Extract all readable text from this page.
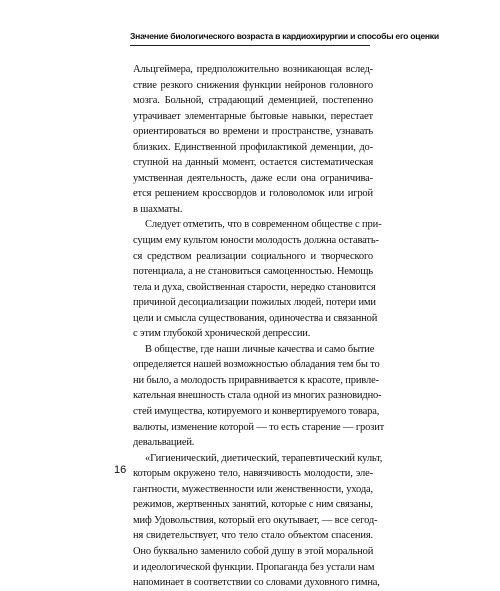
Значение биологического возраста в кардиохирургии и способы его оценки
Альцгеймера, предположительно возникающая вслед-
ствие резкого снижения функции нейронов головного
мозга. Больной, страдающий деменцией, постепенно
утрачивает элементарные бытовые навыки, перестает
ориентироваться во времени и пространстве, узнавать
близких. Единственной профилактикой деменции, до-
ступной на данный момент, остается систематическая
умственная деятельность, даже если она ограничива-
ется решением кроссвордов и головоломок или игрой
в шахматы.
Следует отметить, что в современном обществе с при-
сущим ему культом юности молодость должна оставать-
ся средством реализации социального и творческого
потенциала, а не становиться самоценностью. Немощь
тела и духа, свойственная старости, нередко становится
причиной десоциализации пожилых людей, потери ими
цели и смысла существования, одиночества и связанной
с этим глубокой хронической депрессии.
В обществе, где наши личные качества и само бытие
определяется нашей возможностью обладания тем бы то
ни было, а молодость приравнивается к красоте, привле-
кательная внешность стала одной из многих разновидно-
стей имущества, котируемого и конвертируемого товара,
валюты, изменение которой — то есть старение — грозит
девальвацией.
«Гигиенический, диетический, терапевтический культ,
которым окружено тело, навязчивость молодости, эле-
гантности, мужественности или женственности, ухода,
режимов, жертвенных занятий, которые с ним связаны,
миф Удовольствия, который его окутывает, — все сегод-
ня свидетельствует, что тело стало объектом спасения.
Оно буквально заменило собой душу в этой моральной
и идеологической функции. Пропаганда без устали нам
напоминает в соответствии со словами духовного гимна,
16
